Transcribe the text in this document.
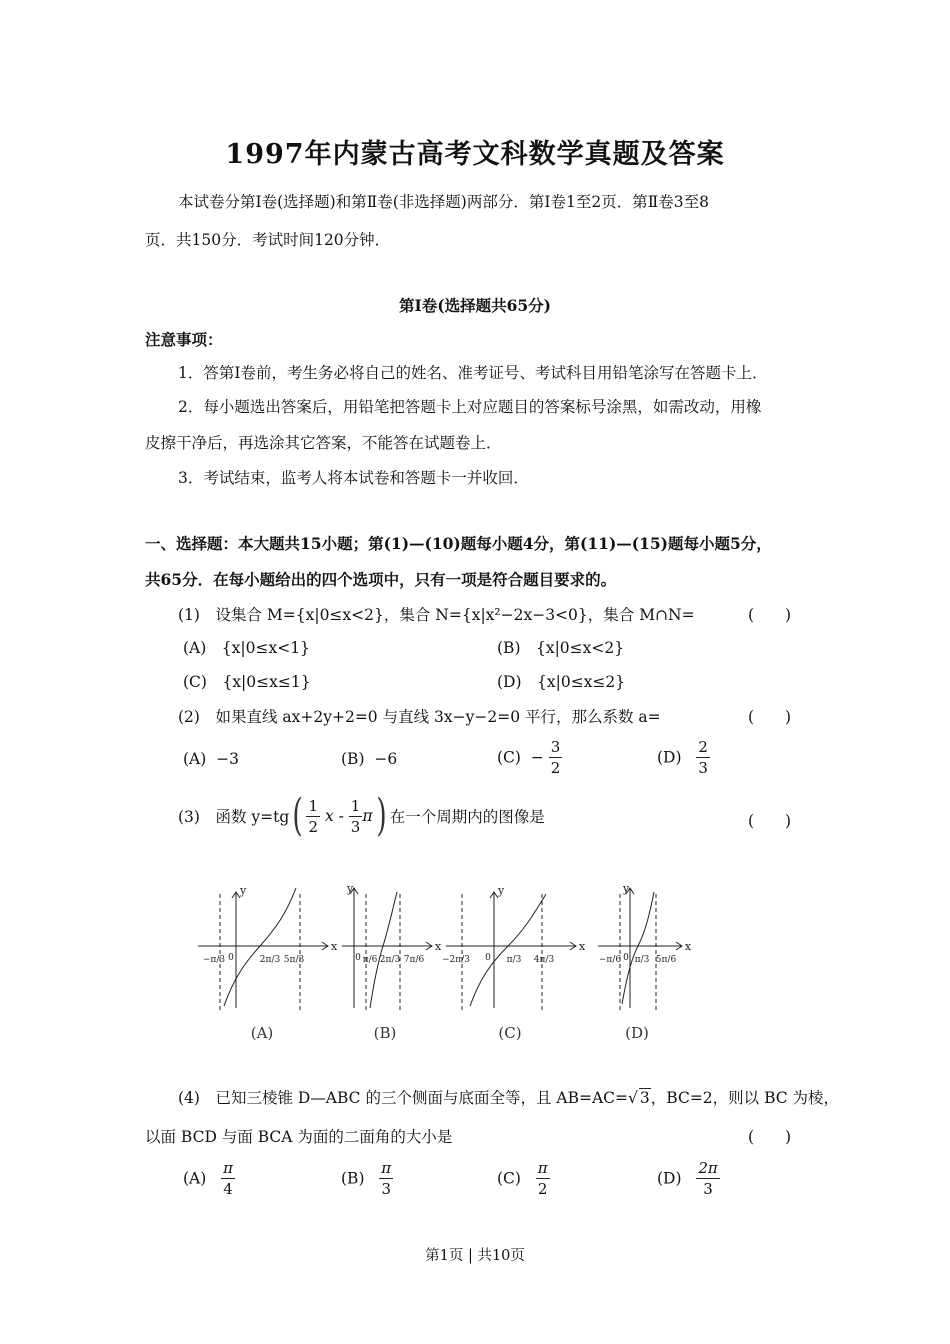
1997年内蒙古高考文科数学真题及答案
本试卷分第Ⅰ卷(选择题)和第Ⅱ卷(非选择题)两部分．第Ⅰ卷1至2页．第Ⅱ卷3至8
页．共150分．考试时间120分钟．
第Ⅰ卷(选择题共65分)
注意事项：
1．答第Ⅰ卷前，考生务必将自己的姓名、准考证号、考试科目用铅笔涂写在答题卡上．
2．每小题选出答案后，用铅笔把答题卡上对应题目的答案标号涂黑，如需改动，用橡
皮擦干净后，再选涂其它答案，不能答在试题卷上．
3．考试结束，监考人将本试卷和答题卡一并收回．
一、选择题：本大题共15小题；第(1)—(10)题每小题4分，第(11)—(15)题每小题5分，
共65分．在每小题给出的四个选项中，只有一项是符合题目要求的。
(1)　设集合 M={x|0≤x<2}，集合 N={x|x²−2x−3<0}，集合 M∩N=	(　　)
(A)　{x|0≤x<1}	(B)　{x|0≤x<2}
(C)　{x|0≤x≤1}	(D)　{x|0≤x≤2}
(2)　如果直线 ax+2y+2=0 与直线 3x−y−2=0 平行，那么系数 a=	(　　)
(A) −3	(B) −6	$(C) - \frac{3}{2}$	$(D) \frac{2}{3}$
(3)　函数 $y=tg( \frac{1}{2}$ x - $\frac{1}{3} \pi$) 在一个周期内的图像是	(　　)
x
y
x
y
x
y
x
y
−π/3 0	2π/3 5π/3	0 π/6 2π/3 7π/6 −2π/3 0 π/3 4π/3	−π/6 0 π/3 5π/6
(A)	(B)	(C)	(D)
(4)　已知三棱锥 D—ABC 的三个侧面与底面全等，且 AB=AC=√ 3，BC=2，则以 BC 为棱，
以面 BCD 与面 BCA 为面的二面角的大小是	(　　)
$(A) \frac{\pi}{4}$	$(B) \frac{\pi}{3}$	$(C) \frac{\pi}{2}$	$(D) \frac{2\pi}{3}$
第1页 | 共10页
